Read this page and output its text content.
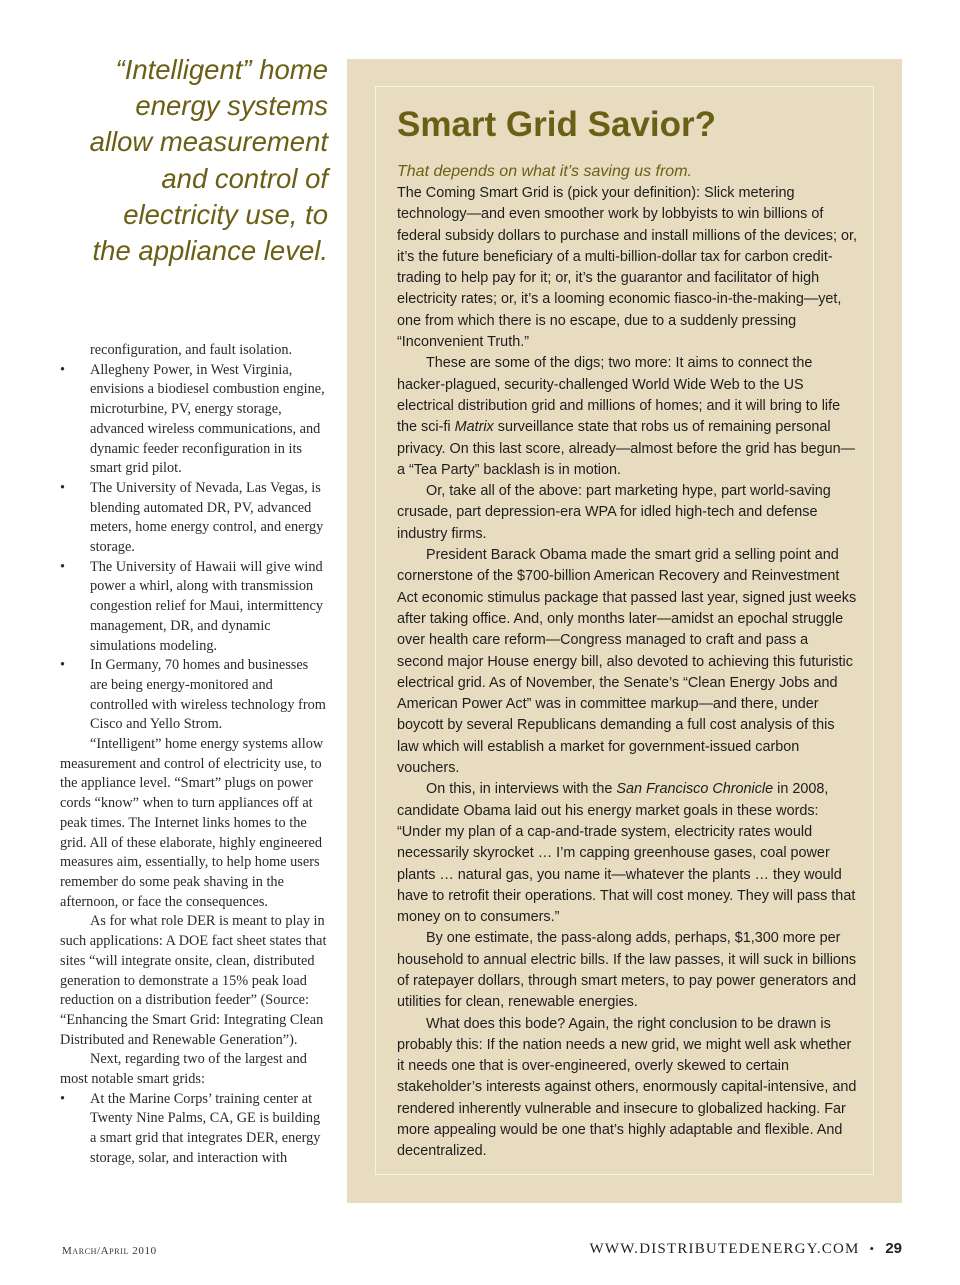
“Intelligent” home
energy systems
allow measurement
and control of
electricity use, to
the appliance level.

reconfiguration, and fault isolation.

• Allegheny Power, in West Virginia, envisions a biodiesel combustion engine, microturbine, PV, energy storage, advanced wireless communications, and dynamic feeder reconfiguration in its smart grid pilot.
• The University of Nevada, Las Vegas, is blending automated DR, PV, advanced meters, home energy control, and energy storage.
• The University of Hawaii will give wind power a whirl, along with transmission congestion relief for Maui, intermittency management, DR, and dynamic simulations modeling.
• In Germany, 70 homes and businesses are being energy-monitored and controlled with wireless technology from Cisco and Yello Strom.

“Intelligent” home energy systems allow measurement and control of electricity use, to the appliance level. “Smart” plugs on power cords “know” when to turn appliances off at peak times. The Internet links homes to the grid. All of these elaborate, highly engineered measures aim, essentially, to help home users remember do some peak shaving in the afternoon, or face the consequences.

As for what role DER is meant to play in such applications: A DOE fact sheet states that sites “will integrate onsite, clean, distributed generation to demonstrate a 15% peak load reduction on a distribution feeder” (Source: “Enhancing the Smart Grid: Integrating Clean Distributed and Renewable Generation”).

Next, regarding two of the largest and most notable smart grids:

• At the Marine Corps’ training center at Twenty Nine Palms, CA, GE is building a smart grid that integrates DER, energy storage, solar, and interaction with
Smart Grid Savior?

That depends on what it’s saving us from.

The Coming Smart Grid is (pick your definition): Slick metering technology—and even smoother work by lobbyists to win billions of federal subsidy dollars to purchase and install millions of the devices; or, it’s the future beneficiary of a multi-billion-dollar tax for carbon credit-trading to help pay for it; or, it’s the guarantor and facilitator of high electricity rates; or, it’s a looming economic fiasco-in-the-making—yet, one from which there is no escape, due to a suddenly pressing “Inconvenient Truth.”

These are some of the digs; two more: It aims to connect the hacker-plagued, security-challenged World Wide Web to the US electrical distribution grid and millions of homes; and it will bring to life the sci-fi Matrix surveillance state that robs us of remaining personal privacy. On this last score, already—almost before the grid has begun—a “Tea Party” backlash is in motion.

Or, take all of the above: part marketing hype, part world-saving crusade, part depression-era WPA for idled high-tech and defense industry firms.

President Barack Obama made the smart grid a selling point and cornerstone of the $700-billion American Recovery and Reinvestment Act economic stimulus package that passed last year, signed just weeks after taking office. And, only months later—amidst an epochal struggle over health care reform—Congress managed to craft and pass a second major House energy bill, also devoted to achieving this futuristic electrical grid. As of November, the Senate’s “Clean Energy Jobs and American Power Act” was in committee markup—and there, under boycott by several Republicans demanding a full cost analysis of this law which will establish a market for government-issued carbon vouchers.

On this, in interviews with the San Francisco Chronicle in 2008, candidate Obama laid out his energy market goals in these words: “Under my plan of a cap-and-trade system, electricity rates would necessarily skyrocket … I’m capping greenhouse gases, coal power plants … natural gas, you name it—whatever the plants … they would have to retrofit their operations. That will cost money. They will pass that money on to consumers.”

By one estimate, the pass-along adds, perhaps, $1,300 more per household to annual electric bills. If the law passes, it will suck in billions of ratepayer dollars, through smart meters, to pay power generators and utilities for clean, renewable energies.

What does this bode? Again, the right conclusion to be drawn is probably this: If the nation needs a new grid, we might well ask whether it needs one that is over-engineered, overly skewed to certain stakeholder’s interests against others, enormously capital-intensive, and rendered inherently vulnerable and insecure to globalized hacking. Far more appealing would be one that’s highly adaptable and flexible. And decentralized.

March/April 2010	WWW.DISTRIBUTEDENERGY.COM • 29
